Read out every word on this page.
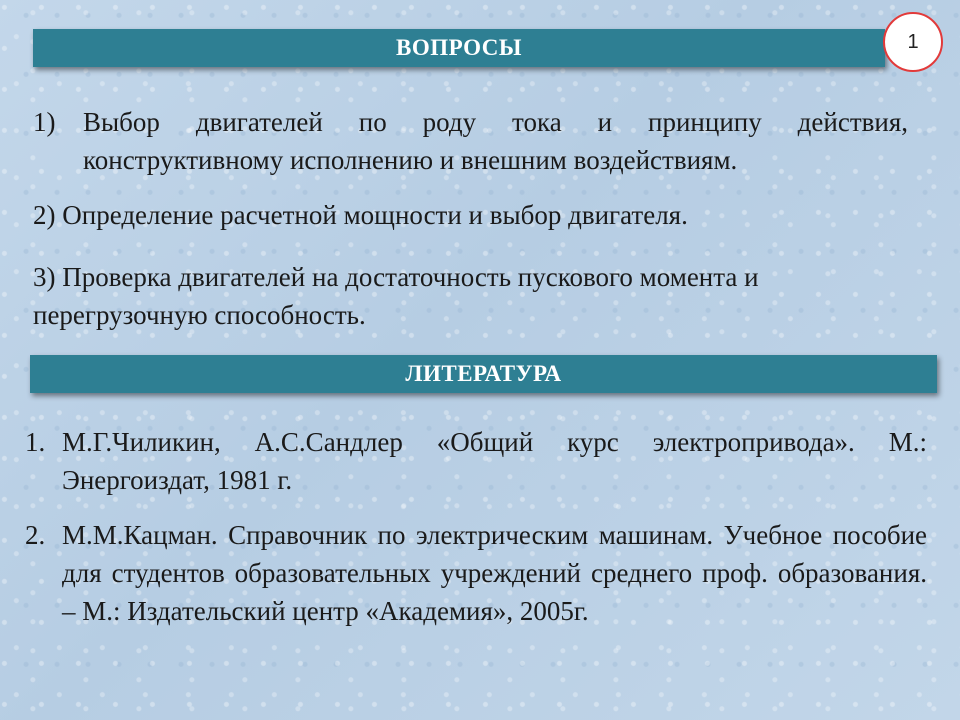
ВОПРОСЫ	1
1) Выбор двигателей по роду тока и принципу действия, конструктивному исполнению и внешним воздействиям.
2) Определение расчетной мощности и выбор двигателя.
3) Проверка двигателей на достаточность пускового момента и перегрузочную способность.
ЛИТЕРАТУРА
1. М.Г.Чиликин, А.С.Сандлер «Общий курс электропривода». М.: Энергоиздат, 1981 г.
2. М.М.Кацман. Справочник по электрическим машинам. Учебное пособие для студентов образовательных учреждений среднего проф. образования. – М.: Издательский центр «Академия», 2005г.
